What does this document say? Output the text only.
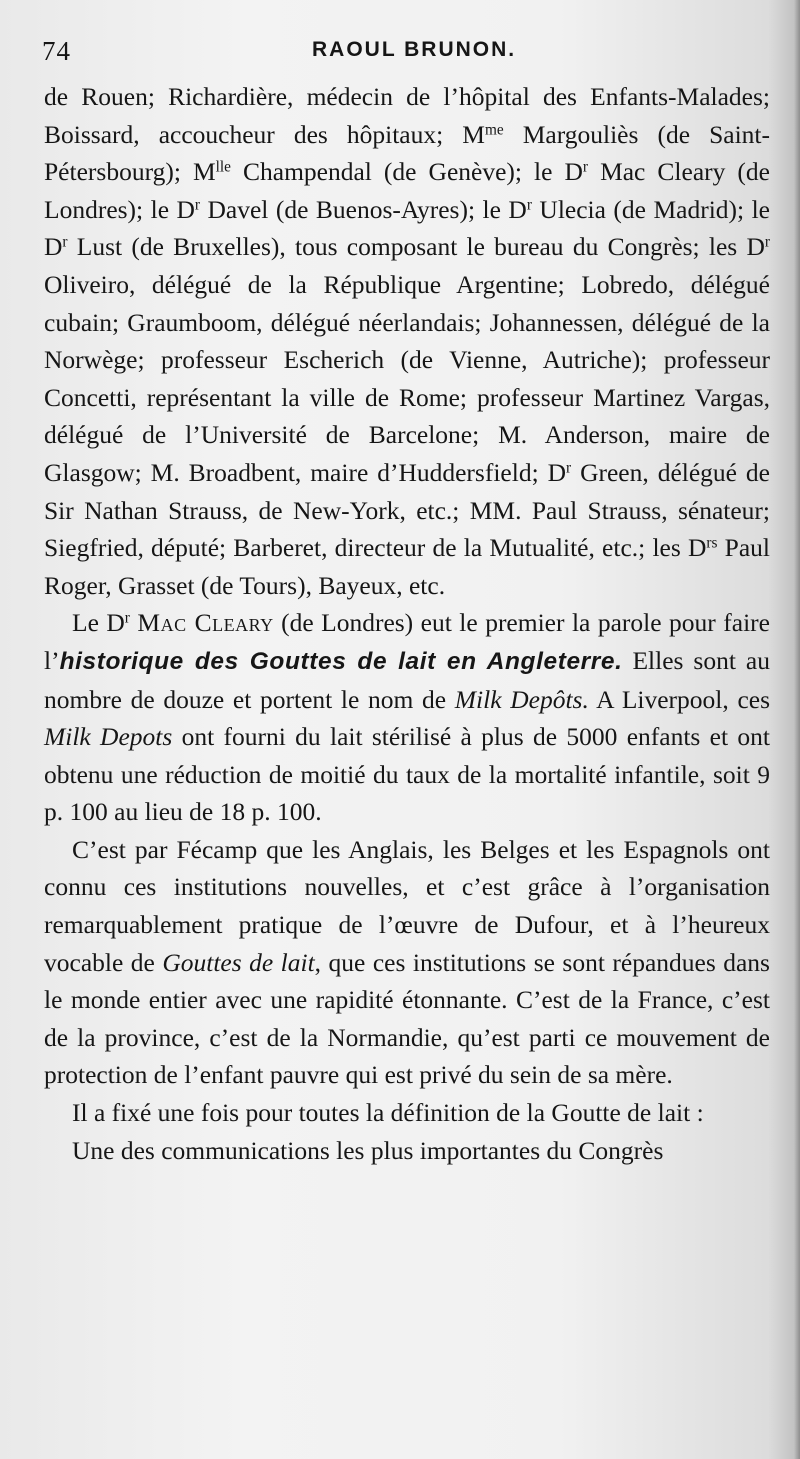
74	RAOUL BRUNON.

de Rouen; Richardière, médecin de l’hôpital des Enfants-Malades; Boissard, accoucheur des hôpitaux; $M^{me}$ Margouliès (de Saint-Pétersbourg); $M^{lle}$ Champendal (de Genève); le $D^r$ Mac Cleary (de Londres); le $D^r$ Davel (de Buenos-Ayres); le $D^r$ Ulecia (de Madrid); le $D^r$ Lust (de Bruxelles), tous composant le bureau du Congrès; les $D^r$ Oliveiro, délégué de la République Argentine; Lobredo, délégué cubain; Graumboom, délégué néerlandais; Johannessen, délégué de la Norwège; professeur Escherich (de Vienne, Autriche); professeur Concetti, représentant la ville de Rome; professeur Martinez Vargas, délégué de l’Université de Barcelone; M. Anderson, maire de Glasgow; M. Broadbent, maire d’Huddersfield; $D^r$ Green, délégué de Sir Nathan Strauss, de New-York, etc.; MM. Paul Strauss, sénateur; Siegfried, député; Barberet, directeur de la Mutualité, etc.; les $D^{rs}$ Paul Roger, Grasset (de Tours), Bayeux, etc.

Le $D^r$ Mac Cleary (de Londres) eut le premier la parole pour faire l’historique des Gouttes de lait en Angleterre. Elles sont au nombre de douze et portent le nom de Milk Depôts. A Liverpool, ces Milk Depots ont fourni du lait stérilisé à plus de 5000 enfants et ont obtenu une réduction de moitié du taux de la mortalité infantile, soit 9 p. 100 au lieu de 18 p. 100.

C’est par Fécamp que les Anglais, les Belges et les Espagnols ont connu ces institutions nouvelles, et c’est grâce à l’organisation remarquablement pratique de l’œuvre de Dufour, et à l’heureux vocable de Gouttes de lait, que ces institutions se sont répandues dans le monde entier avec une rapidité étonnante. C’est de la France, c’est de la province, c’est de la Normandie, qu’est parti ce mouvement de protection de l’enfant pauvre qui est privé du sein de sa mère.

Il a fixé une fois pour toutes la définition de la Goutte de lait :

Une des communications les plus importantes du Congrès
